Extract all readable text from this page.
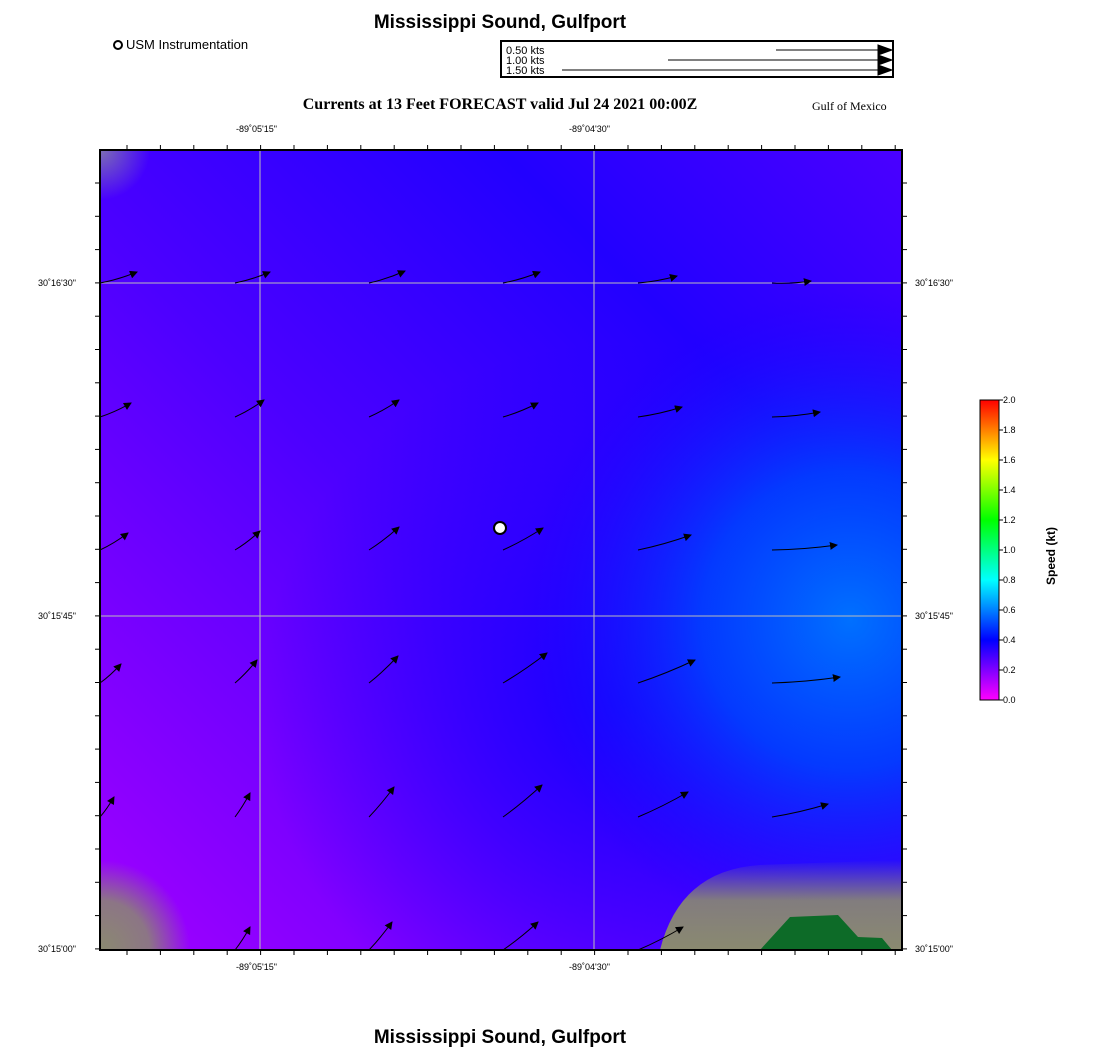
Mississippi Sound, Gulfport
USM Instrumentation	0.50 kts
1.00 kts
1.50 kts
Currents at 13 Feet FORECAST valid Jul 24 2021 00:00Z	Gulf of Mexico
-89˚05'15"	-89˚04'30"
-89˚05'15"	-89˚04'30"
30˚16'30"
30˚15'45"
30˚15'00"
30˚16'30"
30˚15'45"
30˚15'00"
2.0
1.8
1.6
1.4
1.2
1.0
0.8
0.6
0.4
0.2
0.0
Speed (kt)
Mississippi Sound, Gulfport
